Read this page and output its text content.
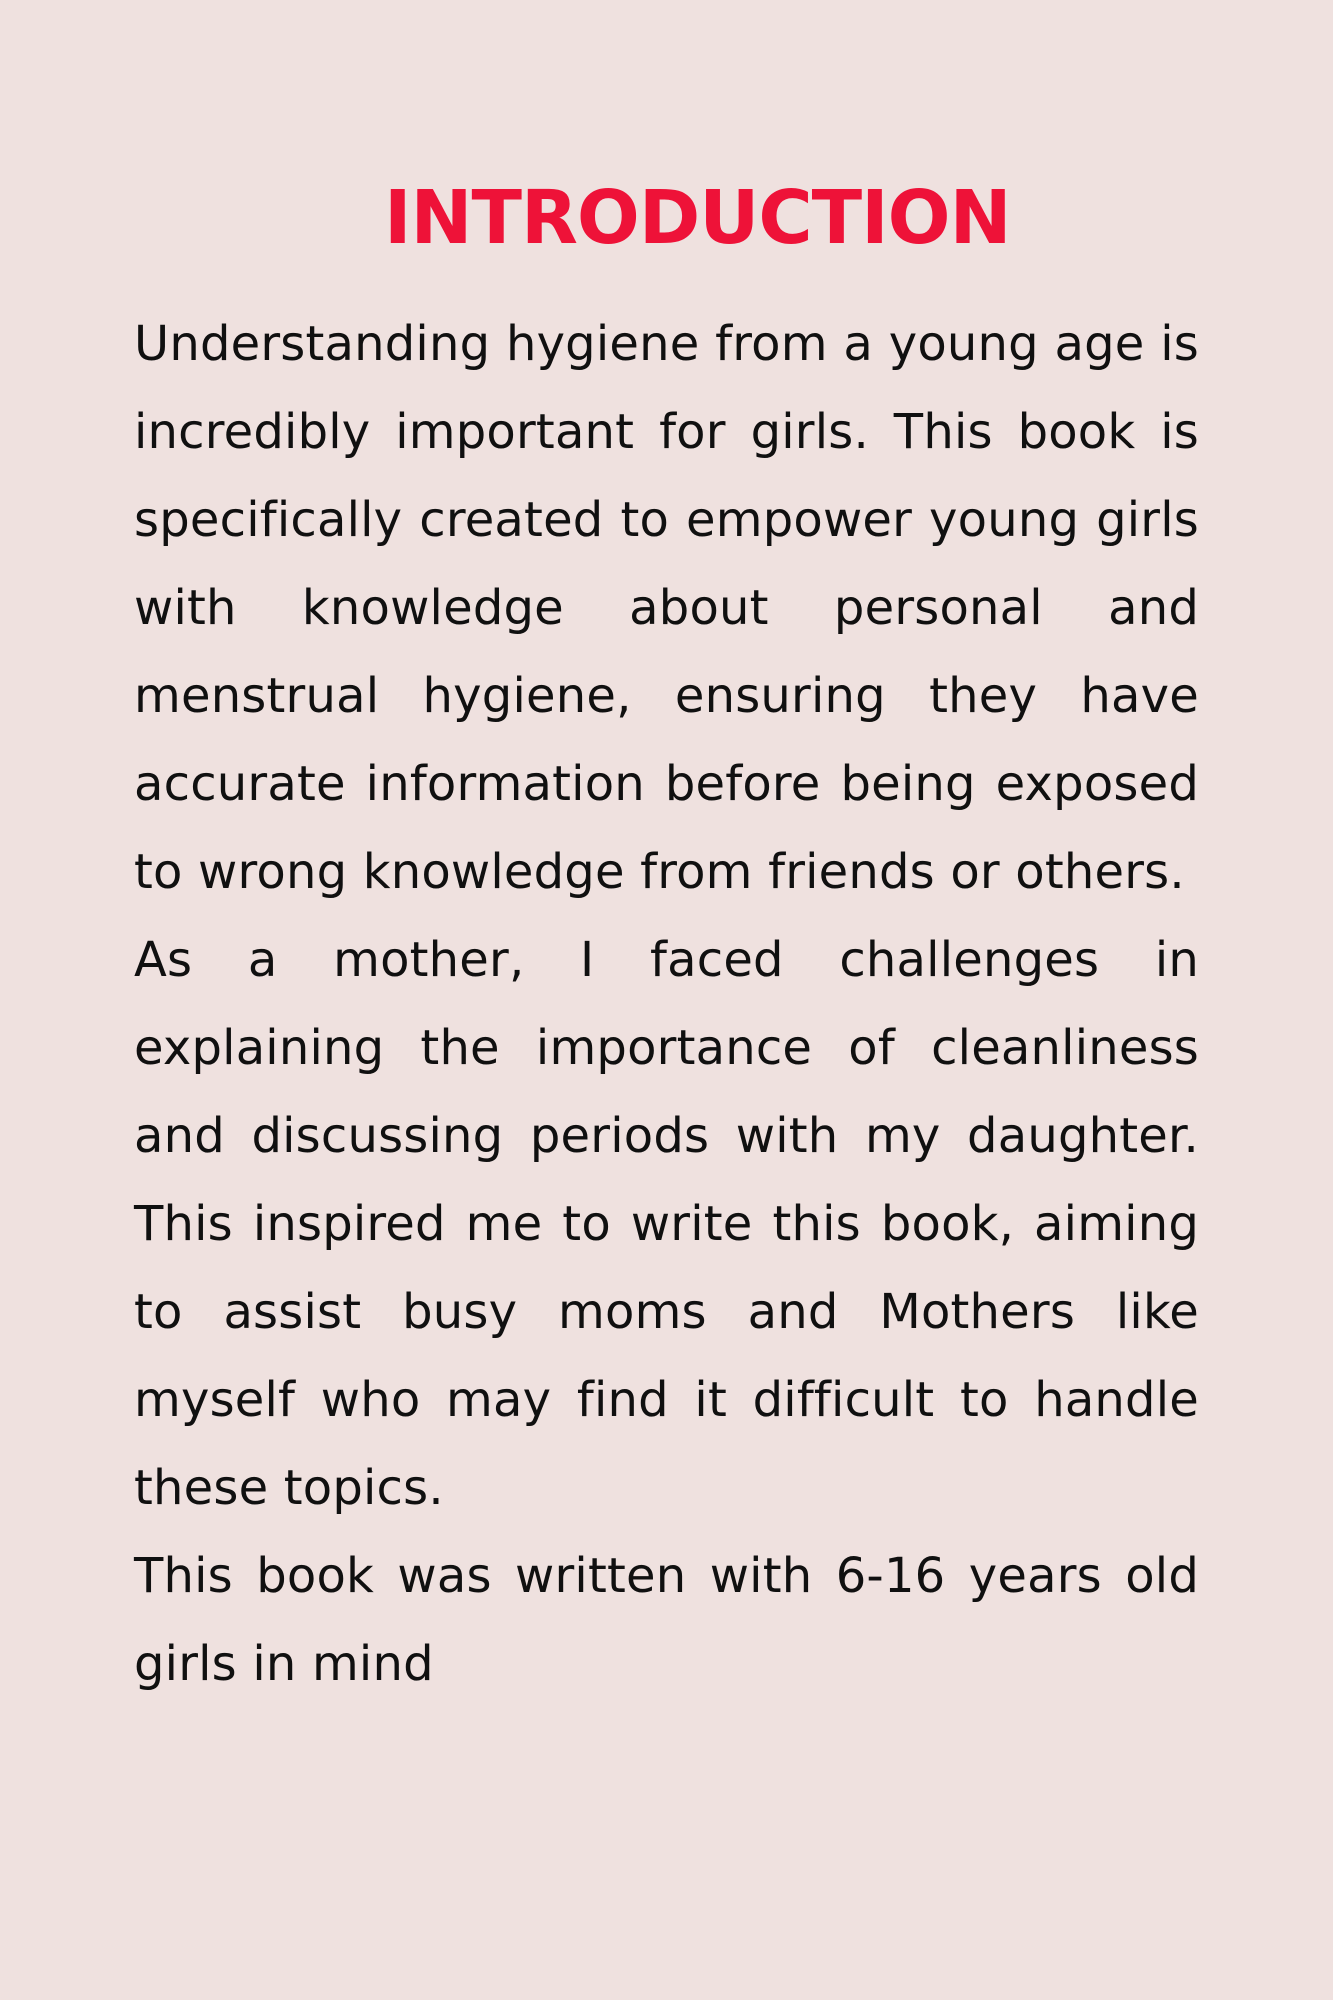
INTRODUCTION

Understanding hygiene from a young age is incredibly important for girls. This book is specifically created to empower young girls with knowledge about personal and menstrual hygiene, ensuring they have accurate information before being exposed to wrong knowledge from friends or others.

As a mother, I faced challenges in explaining the importance of cleanliness and discussing periods with my daughter. This inspired me to write this book, aiming to assist busy moms and Mothers like myself who may find it difficult to handle these topics.

This book was written with 6-16 years old girls in mind
